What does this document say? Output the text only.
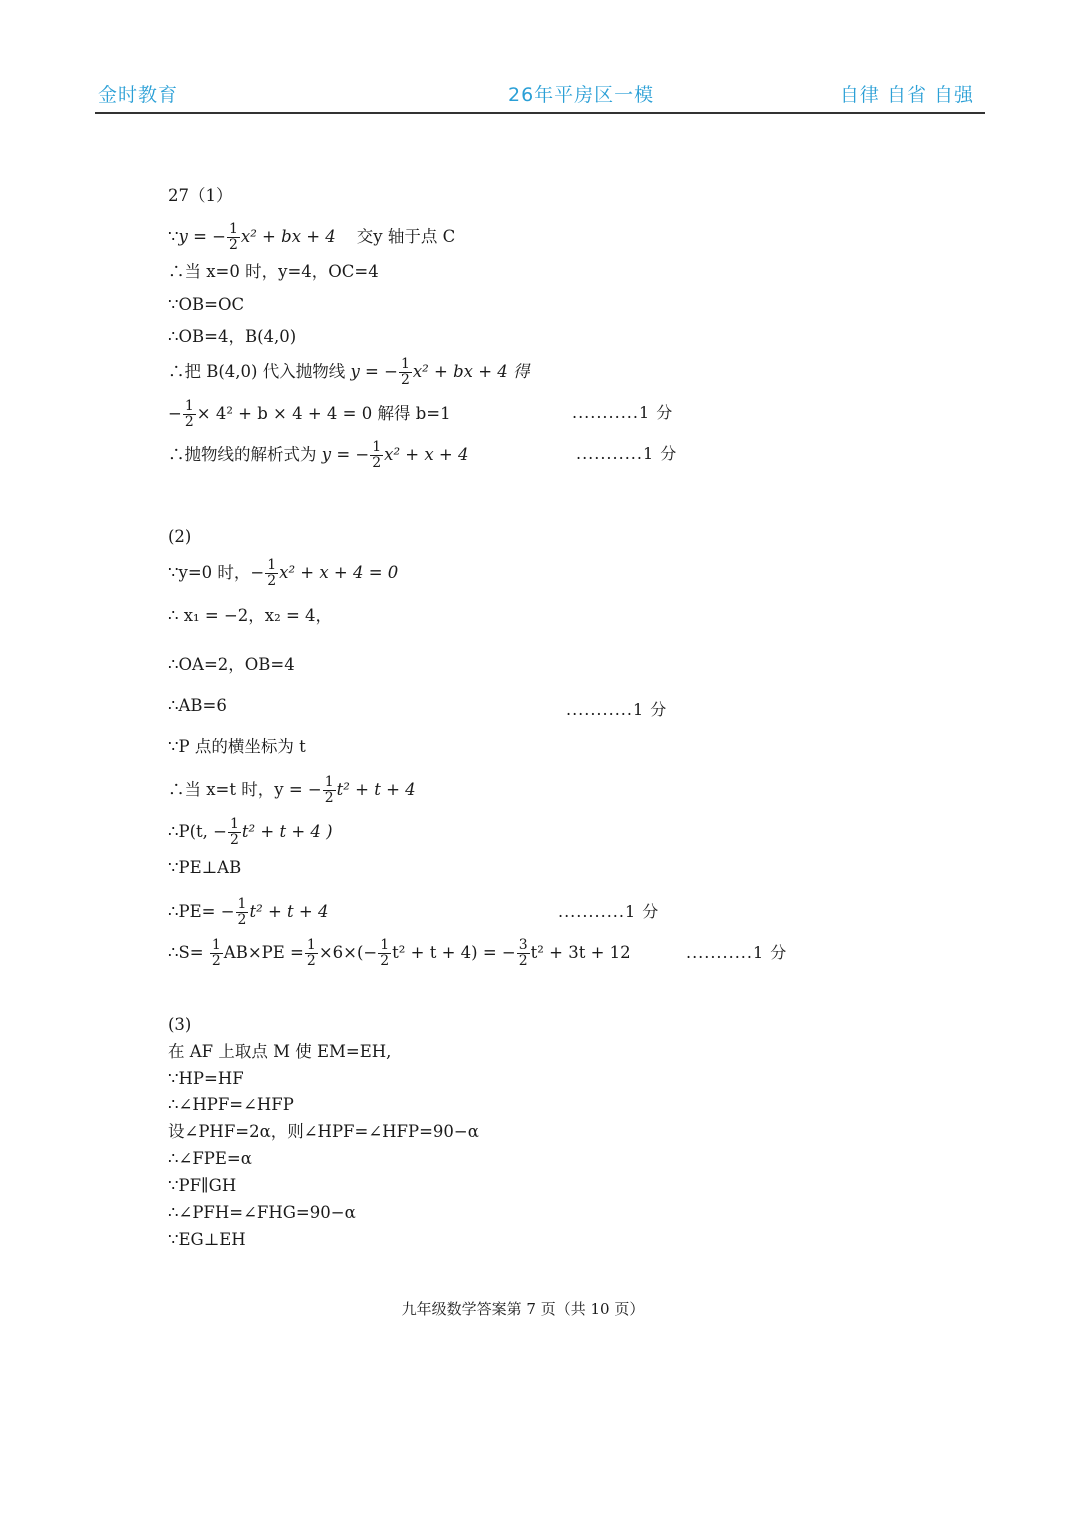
金时教育	26年平房区一模	自律 自省 自强
27（1）
∵y = − $\frac{1}{2} x^2$ + bx + 4 交y 轴于点 C
∴当 x=0 时，y=4，OC=4
∵OB=OC
∴OB=4，B(4,0)
∴把 B(4,0) 代入抛物线 y = − $\frac{1}{2} x^2$ + bx + 4 得
− $\frac{1}{2} \times 4^2 + b \times 4 + 4 = 0$ 解得 b=1	...........1 分
∴抛物线的解析式为 y = − $\frac{1}{2} x^2 + x + 4$	...........1 分
(2)
∵y=0 时，− $\frac{1}{2} x^2 + x + 4 = 0$
∴ x₁ = −2，x₂ = 4，
∴OA=2，OB=4
∴AB=6	...........1 分
∵P 点的横坐标为 t
∴当 x=t 时，y = − $\frac{1}{2} t^2 + t + 4$
∴P(t, − $\frac{1}{2} t^2 + t + 4$ )
∵PE⊥AB
∴PE= − $\frac{1}{2} t^2 + t + 4$	...........1 分
∴S= $\frac{1}{2} AB\times PE = \frac{1}{2} \times 6\times(- \frac{1}{2} t^2 + t + 4)$ = − $\frac{3}{2} t^2 + 3t + 12$	...........1 分
(3)
在 AF 上取点 M 使 EM=EH,
∵HP=HF
∴∠HPF=∠HFP
设∠PHF=2α，则∠HPF=∠HFP=90−α
∴∠FPE=α
∵PF∥GH
∴∠PFH=∠FHG=90−α
∵EG⊥EH
九年级数学答案第 7 页（共 10 页）
